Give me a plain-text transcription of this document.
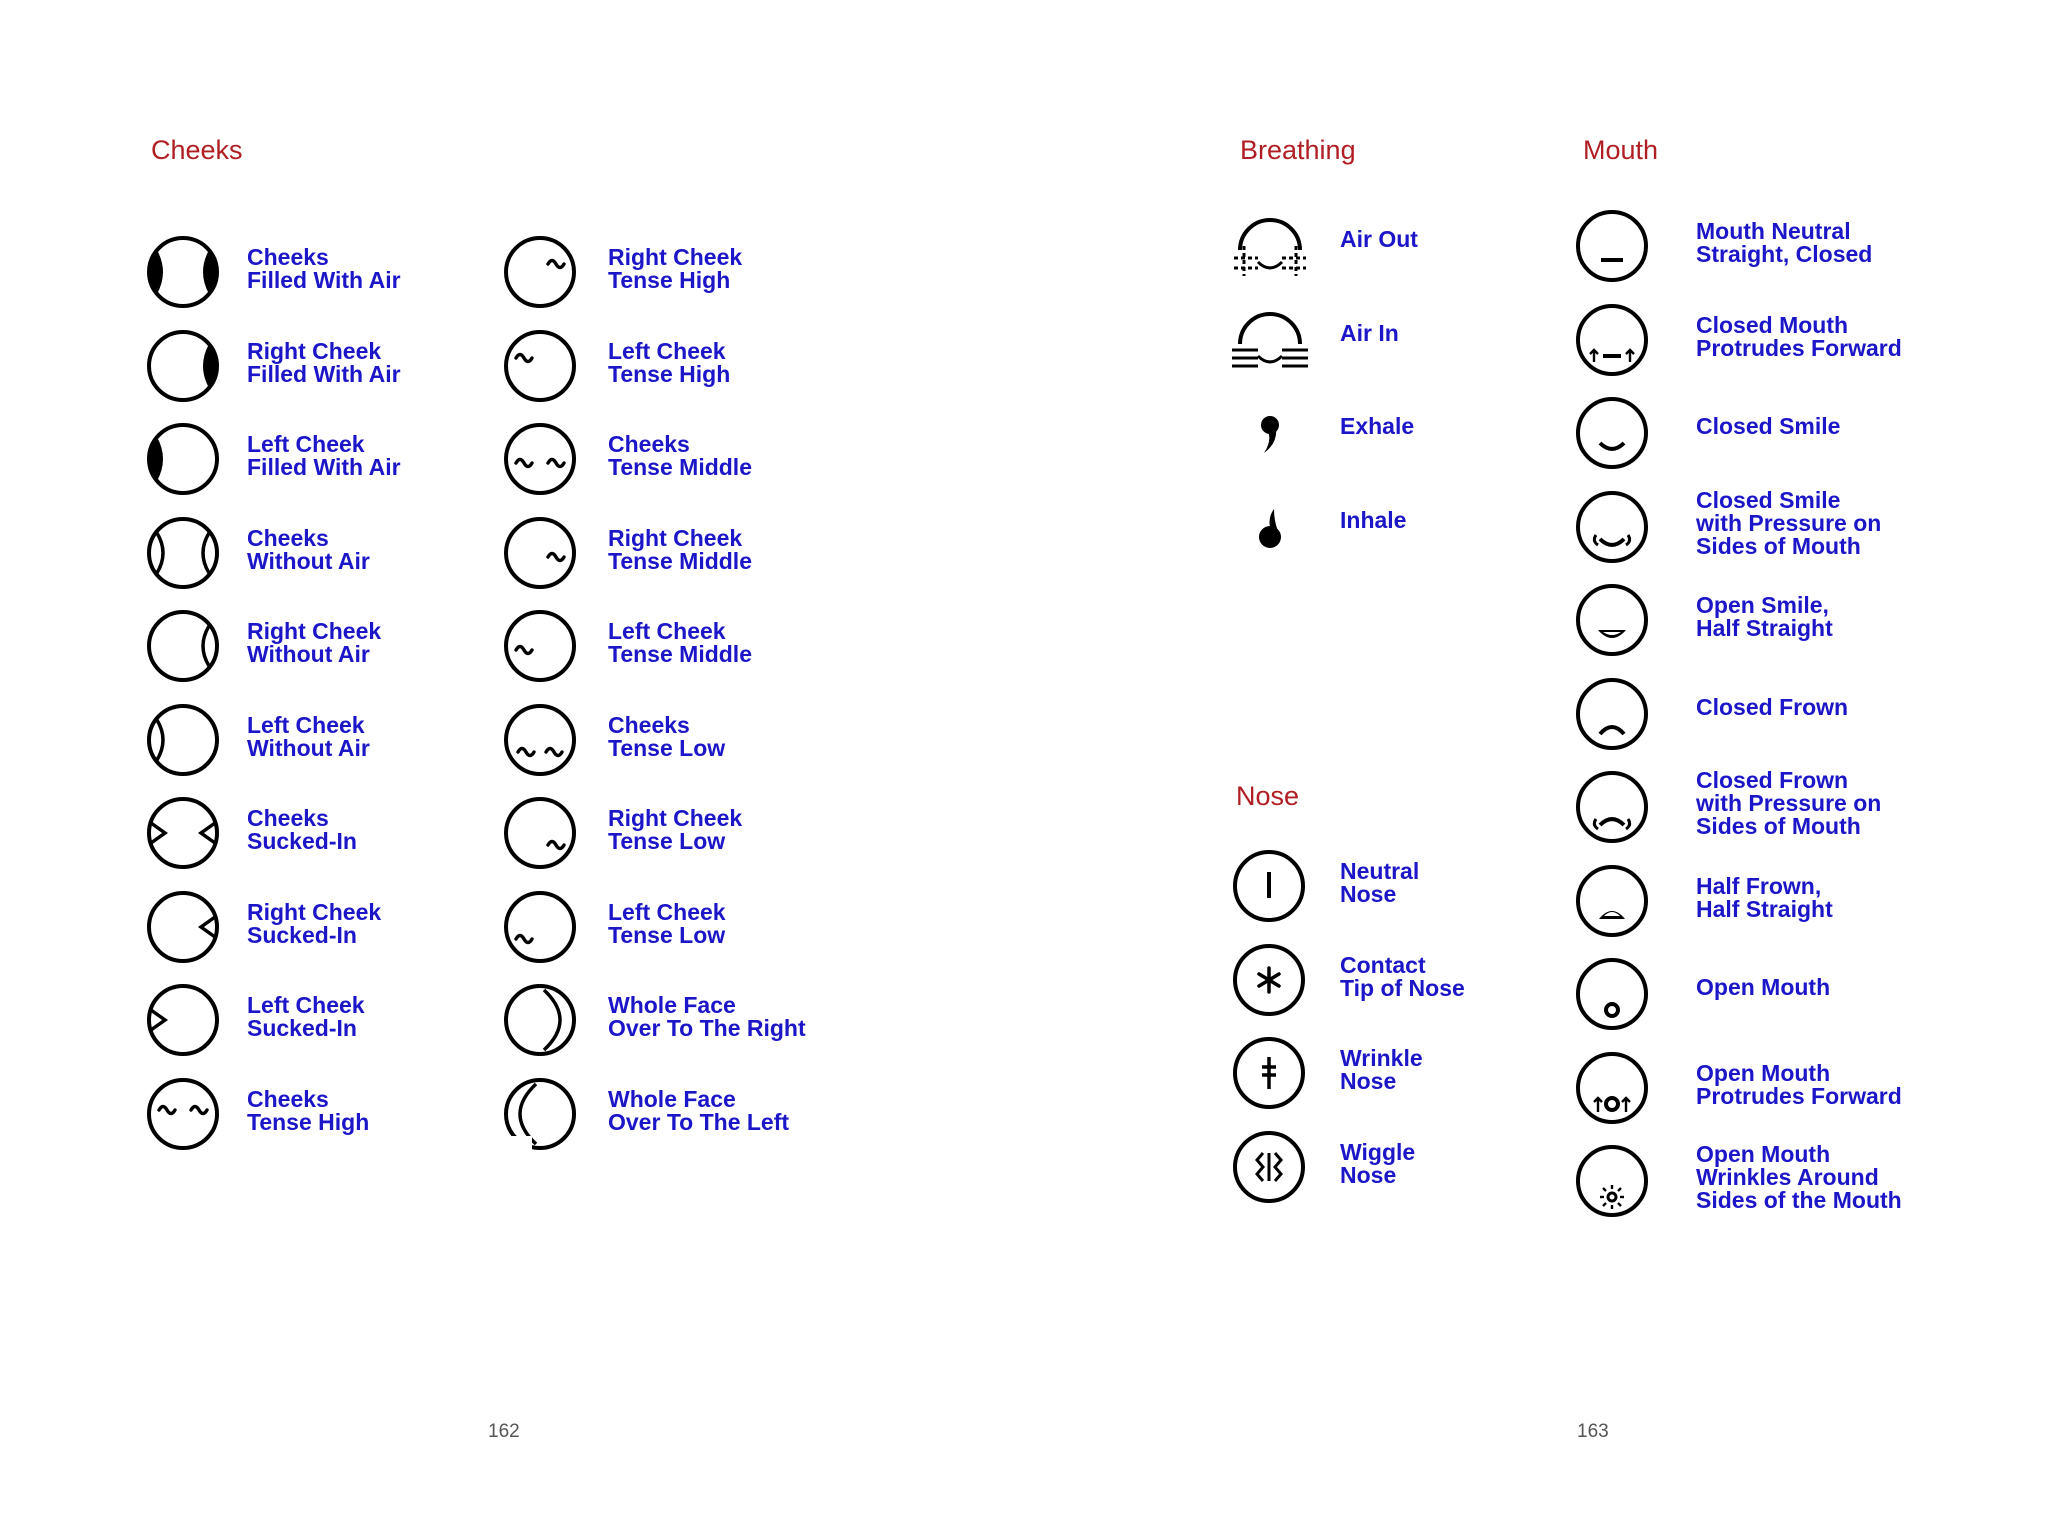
Cheeks
Cheeks
Filled With Air
Right Cheek
Filled With Air
Left Cheek
Filled With Air
Cheeks
Without Air
Right Cheek
Without Air
Left Cheek
Without Air
Cheeks
Sucked-In
Right Cheek
Sucked-In
Left Cheek
Sucked-In
Cheeks
Tense High
Right Cheek
Tense High
Left Cheek
Tense High
Cheeks
Tense Middle
Right Cheek
Tense Middle
Left Cheek
Tense Middle
Cheeks
Tense Low
Right Cheek
Tense Low
Left Cheek
Tense Low
Whole Face
Over To The Right
Whole Face
Over To The Left
162
Breathing
Air Out
Air In
Exhale
Inhale
Nose
Neutral
Nose
Contact
Tip of Nose
Wrinkle
Nose
Wiggle
Nose
Mouth
Mouth Neutral
Straight, Closed
Closed Mouth
Protrudes Forward
Closed Smile
Closed Smile
with Pressure on
Sides of Mouth
Open Smile,
Half Straight
Closed Frown
Closed Frown
with Pressure on
Sides of Mouth
Half Frown,
Half Straight
Open Mouth
Open Mouth
Protrudes Forward
Open Mouth
Wrinkles Around
Sides of the Mouth
163
